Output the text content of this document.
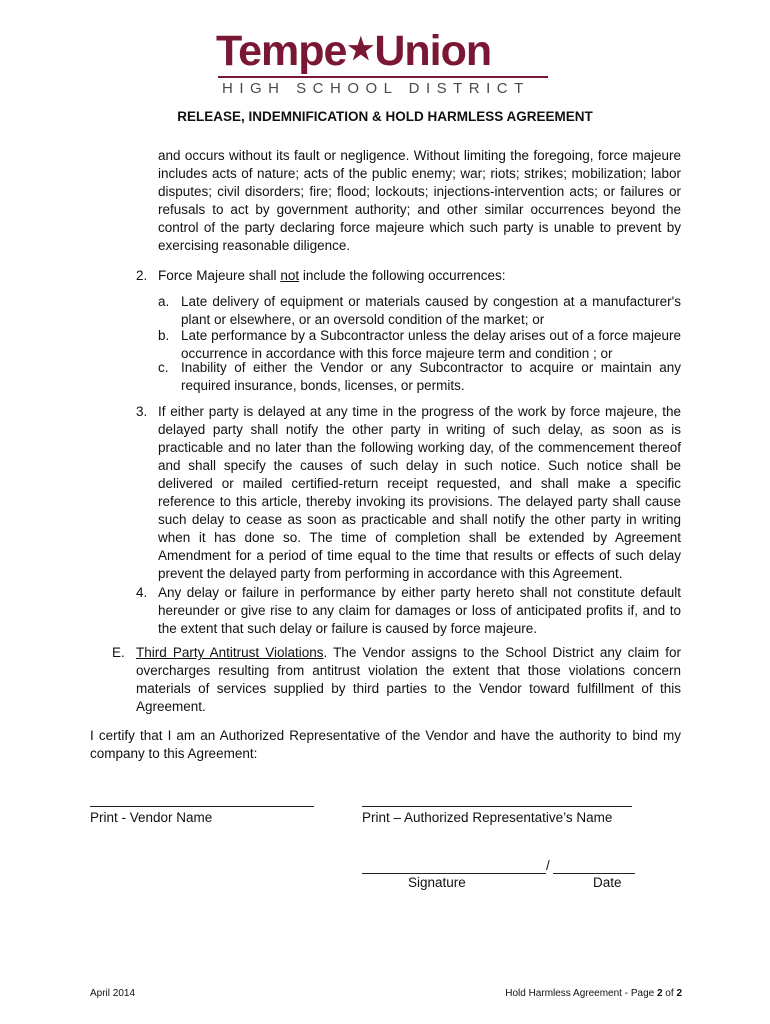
Tempe★Union
HIGH SCHOOL DISTRICT
RELEASE, INDEMNIFICATION & HOLD HARMLESS AGREEMENT
and occurs without its fault or negligence. Without limiting the foregoing, force majeure includes acts of nature; acts of the public enemy; war; riots; strikes; mobilization; labor disputes; civil disorders; fire; flood; lockouts; injections-intervention acts; or failures or refusals to act by government authority; and other similar occurrences beyond the control of the party declaring force majeure which such party is unable to prevent by exercising reasonable diligence.
2. Force Majeure shall not include the following occurrences:
a. Late delivery of equipment or materials caused by congestion at a manufacturer's plant or elsewhere, or an oversold condition of the market; or
b. Late performance by a Subcontractor unless the delay arises out of a force majeure occurrence in accordance with this force majeure term and condition ; or
c. Inability of either the Vendor or any Subcontractor to acquire or maintain any required insurance, bonds, licenses, or permits.
3. If either party is delayed at any time in the progress of the work by force majeure, the delayed party shall notify the other party in writing of such delay, as soon as is practicable and no later than the following working day, of the commencement thereof and shall specify the causes of such delay in such notice. Such notice shall be delivered or mailed certified-return receipt requested, and shall make a specific reference to this article, thereby invoking its provisions. The delayed party shall cause such delay to cease as soon as practicable and shall notify the other party in writing when it has done so. The time of completion shall be extended by Agreement Amendment for a period of time equal to the time that results or effects of such delay prevent the delayed party from performing in accordance with this Agreement.
4. Any delay or failure in performance by either party hereto shall not constitute default hereunder or give rise to any claim for damages or loss of anticipated profits if, and to the extent that such delay or failure is caused by force majeure.
E. Third Party Antitrust Violations. The Vendor assigns to the School District any claim for overcharges resulting from antitrust violation the extent that those violations concern materials of services supplied by third parties to the Vendor toward fulfillment of this Agreement.
I certify that I am an Authorized Representative of the Vendor and have the authority to bind my company to this Agreement:
Print - Vendor Name	Print – Authorized Representative’s Name
/
Signature	Date
April 2014	Hold Harmless Agreement - Page 2 of 2
